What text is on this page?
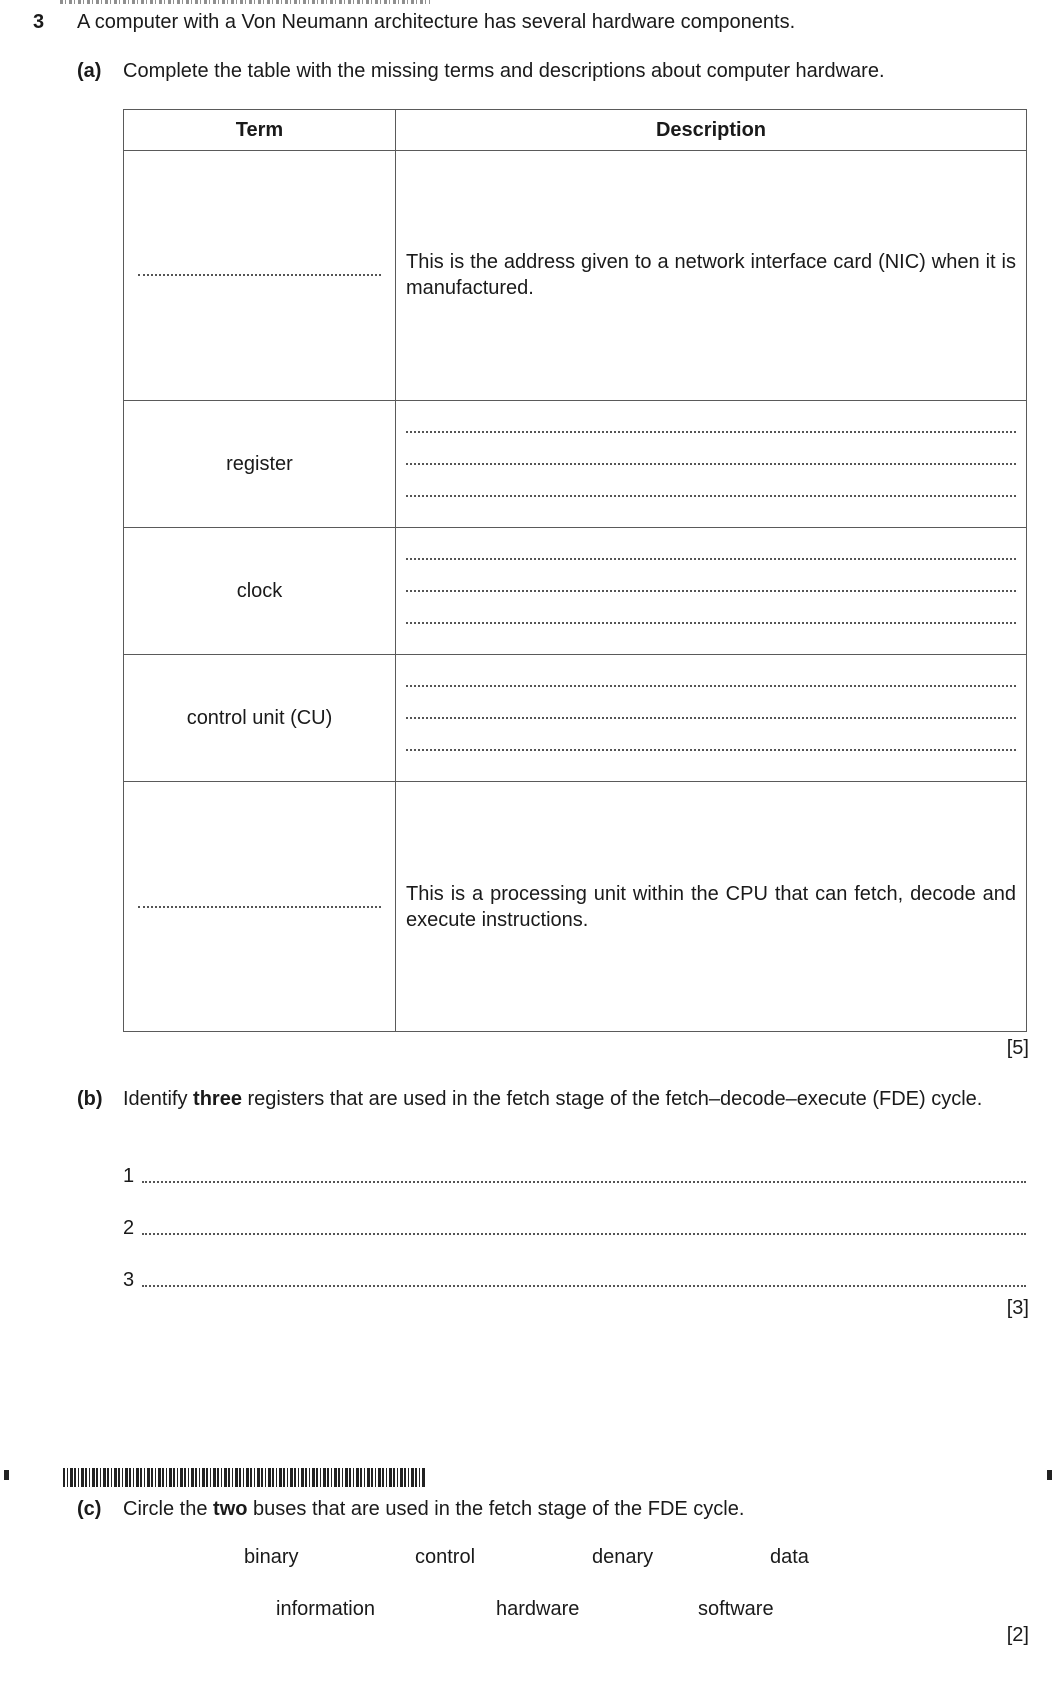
3 A computer with a Von Neumann architecture has several hardware components.
(a) Complete the table with the missing terms and descriptions about computer hardware.
Term	Description

	This is the address given to a network interface card (NIC) when it is manufactured.
register	

clock	

control unit (CU)	

	This is a processing unit within the CPU that can fetch, decode and execute instructions.
[5]
(b) Identify three registers that are used in the fetch stage of the fetch–decode–execute (FDE) cycle.
1
2
3
[3]
(c) Circle the two buses that are used in the fetch stage of the FDE cycle.
binary	control	denary	data
information	hardware	software
[2]
